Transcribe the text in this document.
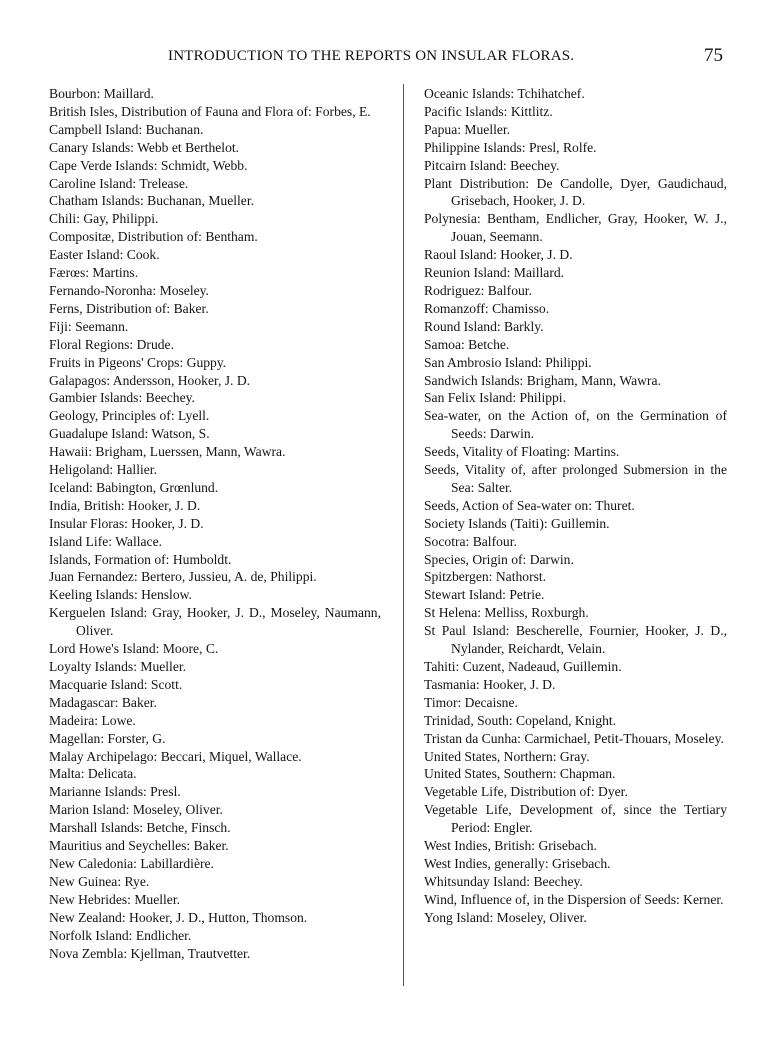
INTRODUCTION TO THE REPORTS ON INSULAR FLORAS.	75

Bourbon: Maillard.

British Isles, Distribution of Fauna and Flora of: Forbes, E.

Campbell Island: Buchanan.

Canary Islands: Webb et Berthelot.

Cape Verde Islands: Schmidt, Webb.

Caroline Island: Trelease.

Chatham Islands: Buchanan, Mueller.

Chili: Gay, Philippi.

Compositæ, Distribution of: Bentham.

Easter Island: Cook.

Færœs: Martins.

Fernando-Noronha: Moseley.

Ferns, Distribution of: Baker.

Fiji: Seemann.

Floral Regions: Drude.

Fruits in Pigeons' Crops: Guppy.

Galapagos: Andersson, Hooker, J. D.

Gambier Islands: Beechey.

Geology, Principles of: Lyell.

Guadalupe Island: Watson, S.

Hawaii: Brigham, Luerssen, Mann, Wawra.

Heligoland: Hallier.

Iceland: Babington, Grœnlund.

India, British: Hooker, J. D.

Insular Floras: Hooker, J. D.

Island Life: Wallace.

Islands, Formation of: Humboldt.

Juan Fernandez: Bertero, Jussieu, A. de, Philippi.

Keeling Islands: Henslow.

Kerguelen Island: Gray, Hooker, J. D., Moseley, Naumann, Oliver.

Lord Howe's Island: Moore, C.

Loyalty Islands: Mueller.

Macquarie Island: Scott.

Madagascar: Baker.

Madeira: Lowe.

Magellan: Forster, G.

Malay Archipelago: Beccari, Miquel, Wallace.

Malta: Delicata.

Marianne Islands: Presl.

Marion Island: Moseley, Oliver.

Marshall Islands: Betche, Finsch.

Mauritius and Seychelles: Baker.

New Caledonia: Labillardière.

New Guinea: Rye.

New Hebrides: Mueller.

New Zealand: Hooker, J. D., Hutton, Thomson.

Norfolk Island: Endlicher.

Nova Zembla: Kjellman, Trautvetter.

Oceanic Islands: Tchihatchef.

Pacific Islands: Kittlitz.

Papua: Mueller.

Philippine Islands: Presl, Rolfe.

Pitcairn Island: Beechey.

Plant Distribution: De Candolle, Dyer, Gaudichaud, Grisebach, Hooker, J. D.

Polynesia: Bentham, Endlicher, Gray, Hooker, W. J., Jouan, Seemann.

Raoul Island: Hooker, J. D.

Reunion Island: Maillard.

Rodriguez: Balfour.

Romanzoff: Chamisso.

Round Island: Barkly.

Samoa: Betche.

San Ambrosio Island: Philippi.

Sandwich Islands: Brigham, Mann, Wawra.

San Felix Island: Philippi.

Sea-water, on the Action of, on the Germination of Seeds: Darwin.

Seeds, Vitality of Floating: Martins.

Seeds, Vitality of, after prolonged Submersion in the Sea: Salter.

Seeds, Action of Sea-water on: Thuret.

Society Islands (Taiti): Guillemin.

Socotra: Balfour.

Species, Origin of: Darwin.

Spitzbergen: Nathorst.

Stewart Island: Petrie.

St Helena: Melliss, Roxburgh.

St Paul Island: Bescherelle, Fournier, Hooker, J. D., Nylander, Reichardt, Velain.

Tahiti: Cuzent, Nadeaud, Guillemin.

Tasmania: Hooker, J. D.

Timor: Decaisne.

Trinidad, South: Copeland, Knight.

Tristan da Cunha: Carmichael, Petit-Thouars, Moseley.

United States, Northern: Gray.

United States, Southern: Chapman.

Vegetable Life, Distribution of: Dyer.

Vegetable Life, Development of, since the Tertiary Period: Engler.

West Indies, British: Grisebach.

West Indies, generally: Grisebach.

Whitsunday Island: Beechey.

Wind, Influence of, in the Dispersion of Seeds: Kerner.

Yong Island: Moseley, Oliver.
